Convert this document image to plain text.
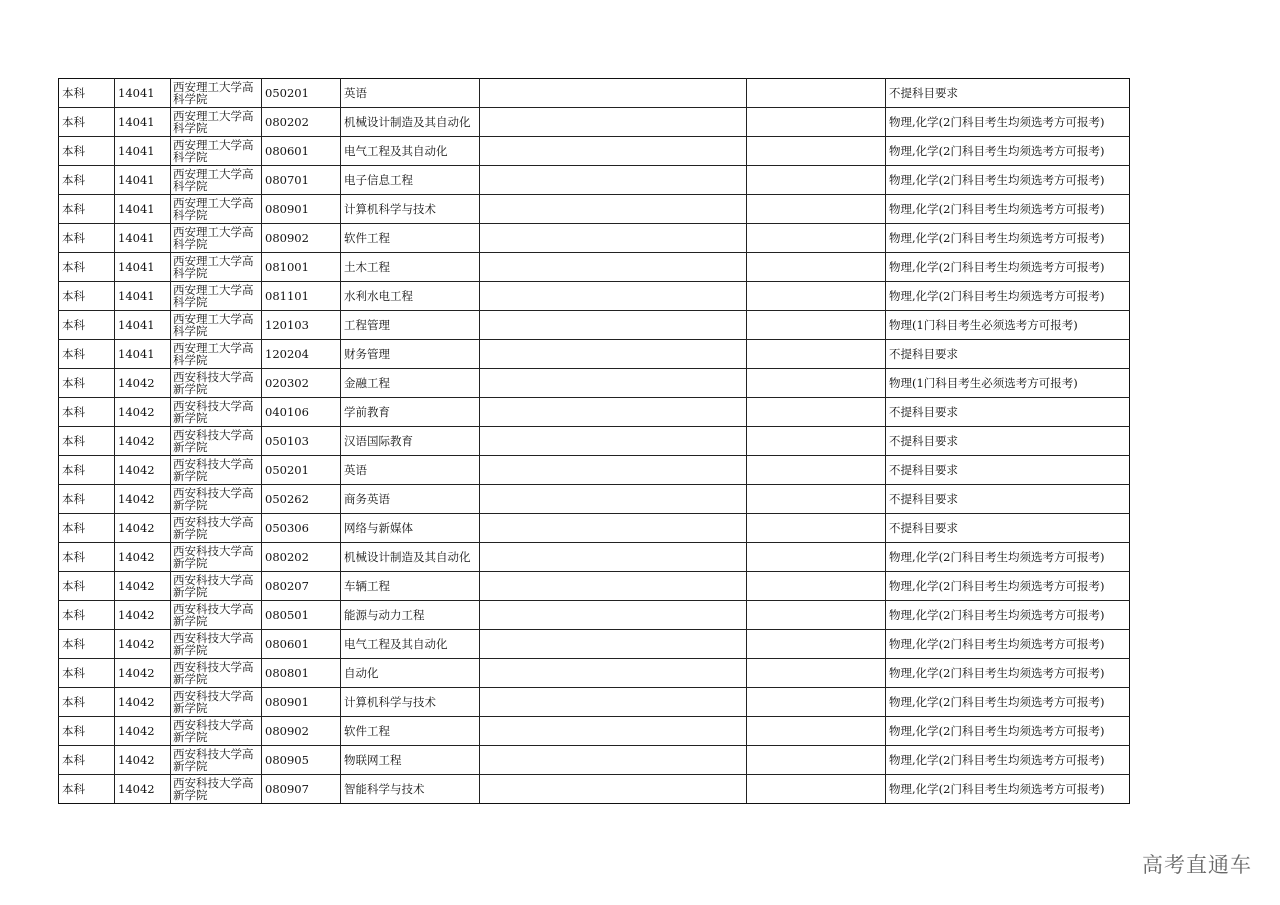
本科	14041	西安理工大学高科学院	050201	英语			不提科目要求
本科	14041	西安理工大学高科学院	080202	机械设计制造及其自动化			物理,化学(2门科目考生均须选考方可报考)
本科	14041	西安理工大学高科学院	080601	电气工程及其自动化			物理,化学(2门科目考生均须选考方可报考)
本科	14041	西安理工大学高科学院	080701	电子信息工程			物理,化学(2门科目考生均须选考方可报考)
本科	14041	西安理工大学高科学院	080901	计算机科学与技术			物理,化学(2门科目考生均须选考方可报考)
本科	14041	西安理工大学高科学院	080902	软件工程			物理,化学(2门科目考生均须选考方可报考)
本科	14041	西安理工大学高科学院	081001	土木工程			物理,化学(2门科目考生均须选考方可报考)
本科	14041	西安理工大学高科学院	081101	水利水电工程			物理,化学(2门科目考生均须选考方可报考)
本科	14041	西安理工大学高科学院	120103	工程管理			物理(1门科目考生必须选考方可报考)
本科	14041	西安理工大学高科学院	120204	财务管理			不提科目要求
本科	14042	西安科技大学高新学院	020302	金融工程			物理(1门科目考生必须选考方可报考)
本科	14042	西安科技大学高新学院	040106	学前教育			不提科目要求
本科	14042	西安科技大学高新学院	050103	汉语国际教育			不提科目要求
本科	14042	西安科技大学高新学院	050201	英语			不提科目要求
本科	14042	西安科技大学高新学院	050262	商务英语			不提科目要求
本科	14042	西安科技大学高新学院	050306	网络与新媒体			不提科目要求
本科	14042	西安科技大学高新学院	080202	机械设计制造及其自动化			物理,化学(2门科目考生均须选考方可报考)
本科	14042	西安科技大学高新学院	080207	车辆工程			物理,化学(2门科目考生均须选考方可报考)
本科	14042	西安科技大学高新学院	080501	能源与动力工程			物理,化学(2门科目考生均须选考方可报考)
本科	14042	西安科技大学高新学院	080601	电气工程及其自动化			物理,化学(2门科目考生均须选考方可报考)
本科	14042	西安科技大学高新学院	080801	自动化			物理,化学(2门科目考生均须选考方可报考)
本科	14042	西安科技大学高新学院	080901	计算机科学与技术			物理,化学(2门科目考生均须选考方可报考)
本科	14042	西安科技大学高新学院	080902	软件工程			物理,化学(2门科目考生均须选考方可报考)
本科	14042	西安科技大学高新学院	080905	物联网工程			物理,化学(2门科目考生均须选考方可报考)
本科	14042	西安科技大学高新学院	080907	智能科学与技术			物理,化学(2门科目考生均须选考方可报考)
高考直通车
